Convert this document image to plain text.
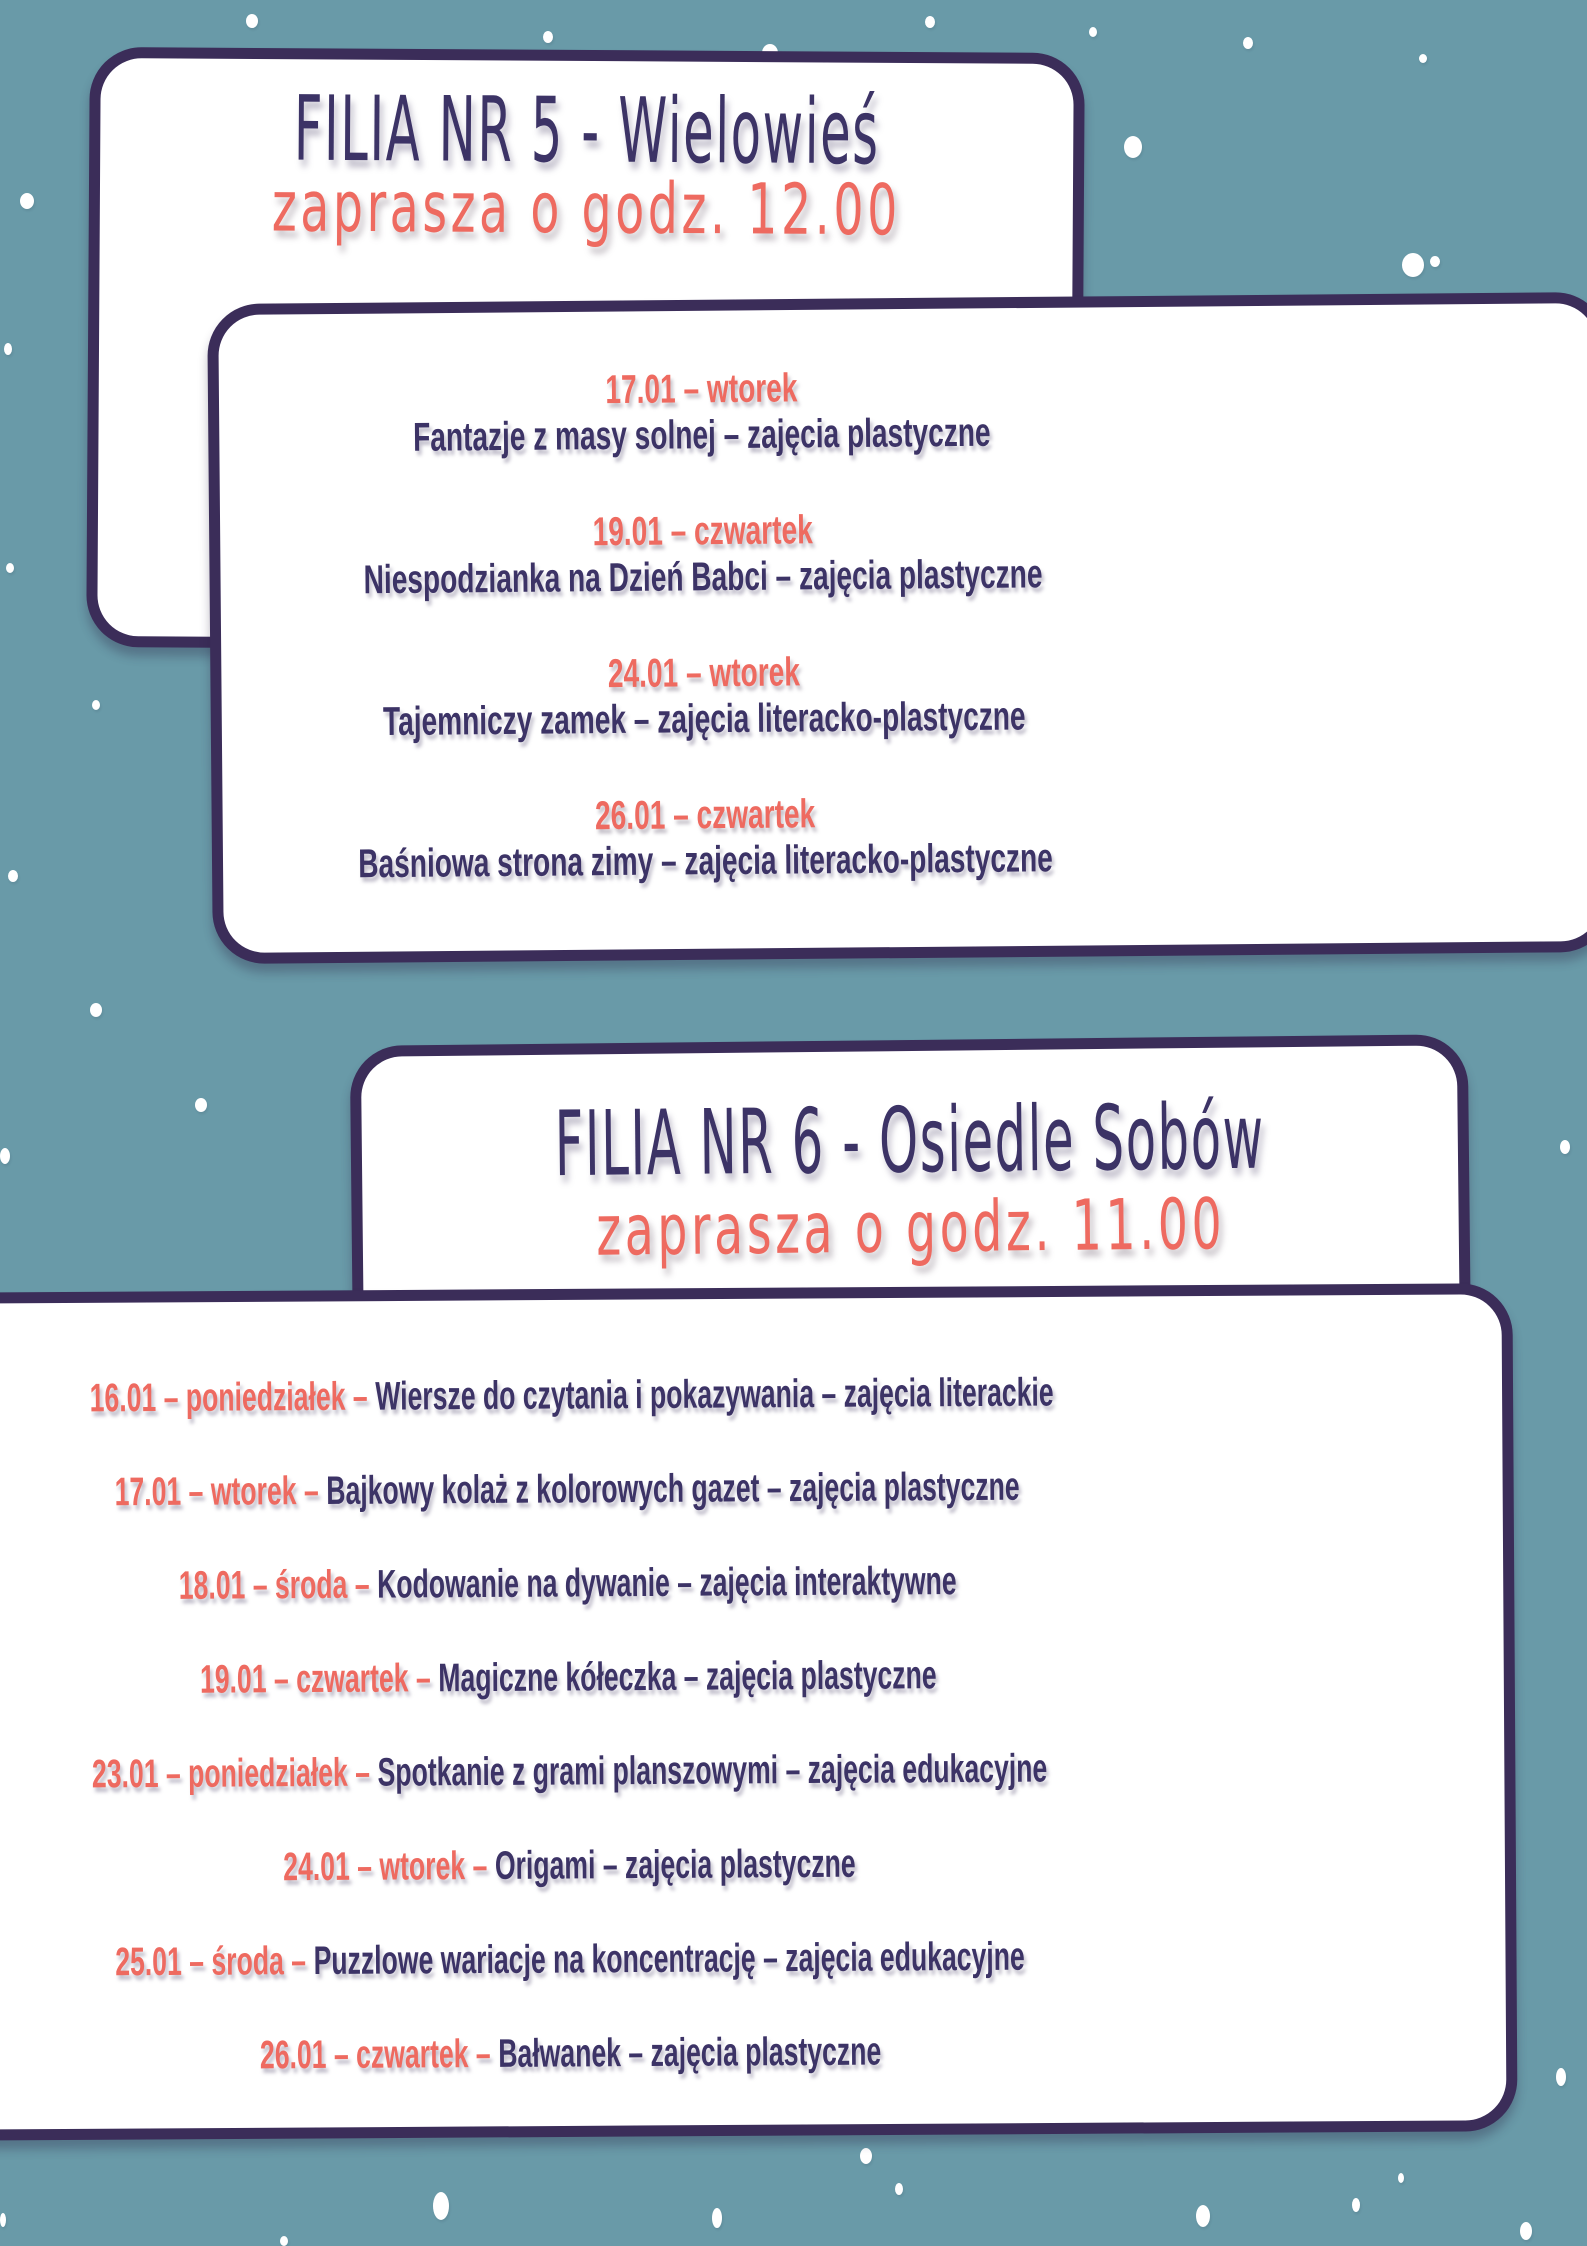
FILIA NR 5 - Wielowieś
zaprasza o godz. 12.00
17.01 – wtorek
Fantazje z masy solnej – zajęcia plastyczne
19.01 – czwartek
Niespodzianka na Dzień Babci – zajęcia plastyczne
24.01 – wtorek
Tajemniczy zamek – zajęcia literacko-plastyczne
26.01 – czwartek
Baśniowa strona zimy – zajęcia literacko-plastyczne
FILIA NR 6 - Osiedle Sobów
zaprasza o godz. 11.00
16.01 – poniedziałek – Wiersze do czytania i pokazywania – zajęcia literackie
17.01 – wtorek – Bajkowy kolaż z kolorowych gazet – zajęcia plastyczne
18.01 – środa – Kodowanie na dywanie – zajęcia interaktywne
19.01 – czwartek – Magiczne kółeczka – zajęcia plastyczne
23.01 – poniedziałek – Spotkanie z grami planszowymi – zajęcia edukacyjne
24.01 – wtorek – Origami – zajęcia plastyczne
25.01 – środa – Puzzlowe wariacje na koncentrację – zajęcia edukacyjne
26.01 – czwartek – Bałwanek – zajęcia plastyczne
